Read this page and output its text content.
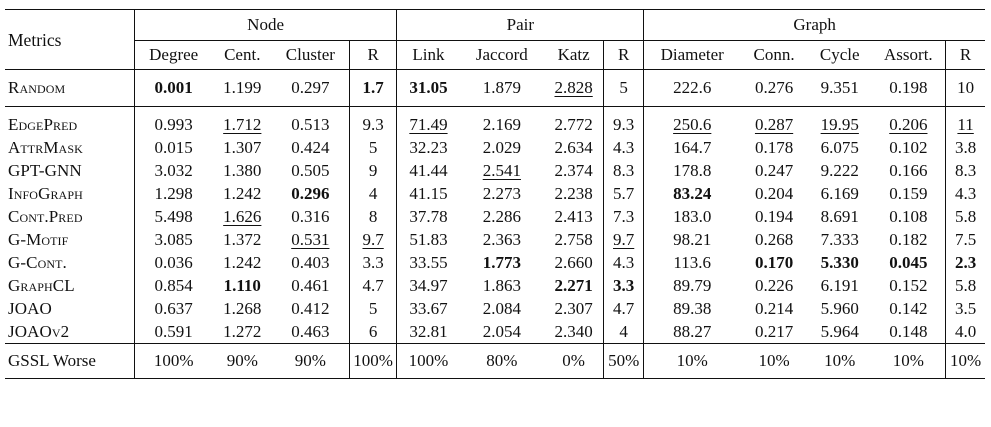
Metrics	Node				Pair				Graph				
	Degree	Cent.	Cluster	R	Link	Jaccord	Katz	R	Diameter	Conn.	Cycle	Assort.	R
Random	0.001	1.199	0.297	1.7	31.05	1.879	2.828	5	222.6	0.276	9.351	0.198	10
EdgePred	0.993	1.712	0.513	9.3	71.49	2.169	2.772	9.3	250.6	0.287	19.95	0.206	11
AttrMask	0.015	1.307	0.424	5	32.23	2.029	2.634	4.3	164.7	0.178	6.075	0.102	3.8
GPT-GNN	3.032	1.380	0.505	9	41.44	2.541	2.374	8.3	178.8	0.247	9.222	0.166	8.3
InfoGraph	1.298	1.242	0.296	4	41.15	2.273	2.238	5.7	83.24	0.204	6.169	0.159	4.3
Cont.Pred	5.498	1.626	0.316	8	37.78	2.286	2.413	7.3	183.0	0.194	8.691	0.108	5.8
G-Motif	3.085	1.372	0.531	9.7	51.83	2.363	2.758	9.7	98.21	0.268	7.333	0.182	7.5
G-Cont.	0.036	1.242	0.403	3.3	33.55	1.773	2.660	4.3	113.6	0.170	5.330	0.045	2.3
GraphCL	0.854	1.110	0.461	4.7	34.97	1.863	2.271	3.3	89.79	0.226	6.191	0.152	5.8
JOAO	0.637	1.268	0.412	5	33.67	2.084	2.307	4.7	89.38	0.214	5.960	0.142	3.5
JOAOv2	0.591	1.272	0.463	6	32.81	2.054	2.340	4	88.27	0.217	5.964	0.148	4.0
GSSL Worse	100%	90%	90%	100%	100%	80%	0%	50%	10%	10%	10%	10%	10%
